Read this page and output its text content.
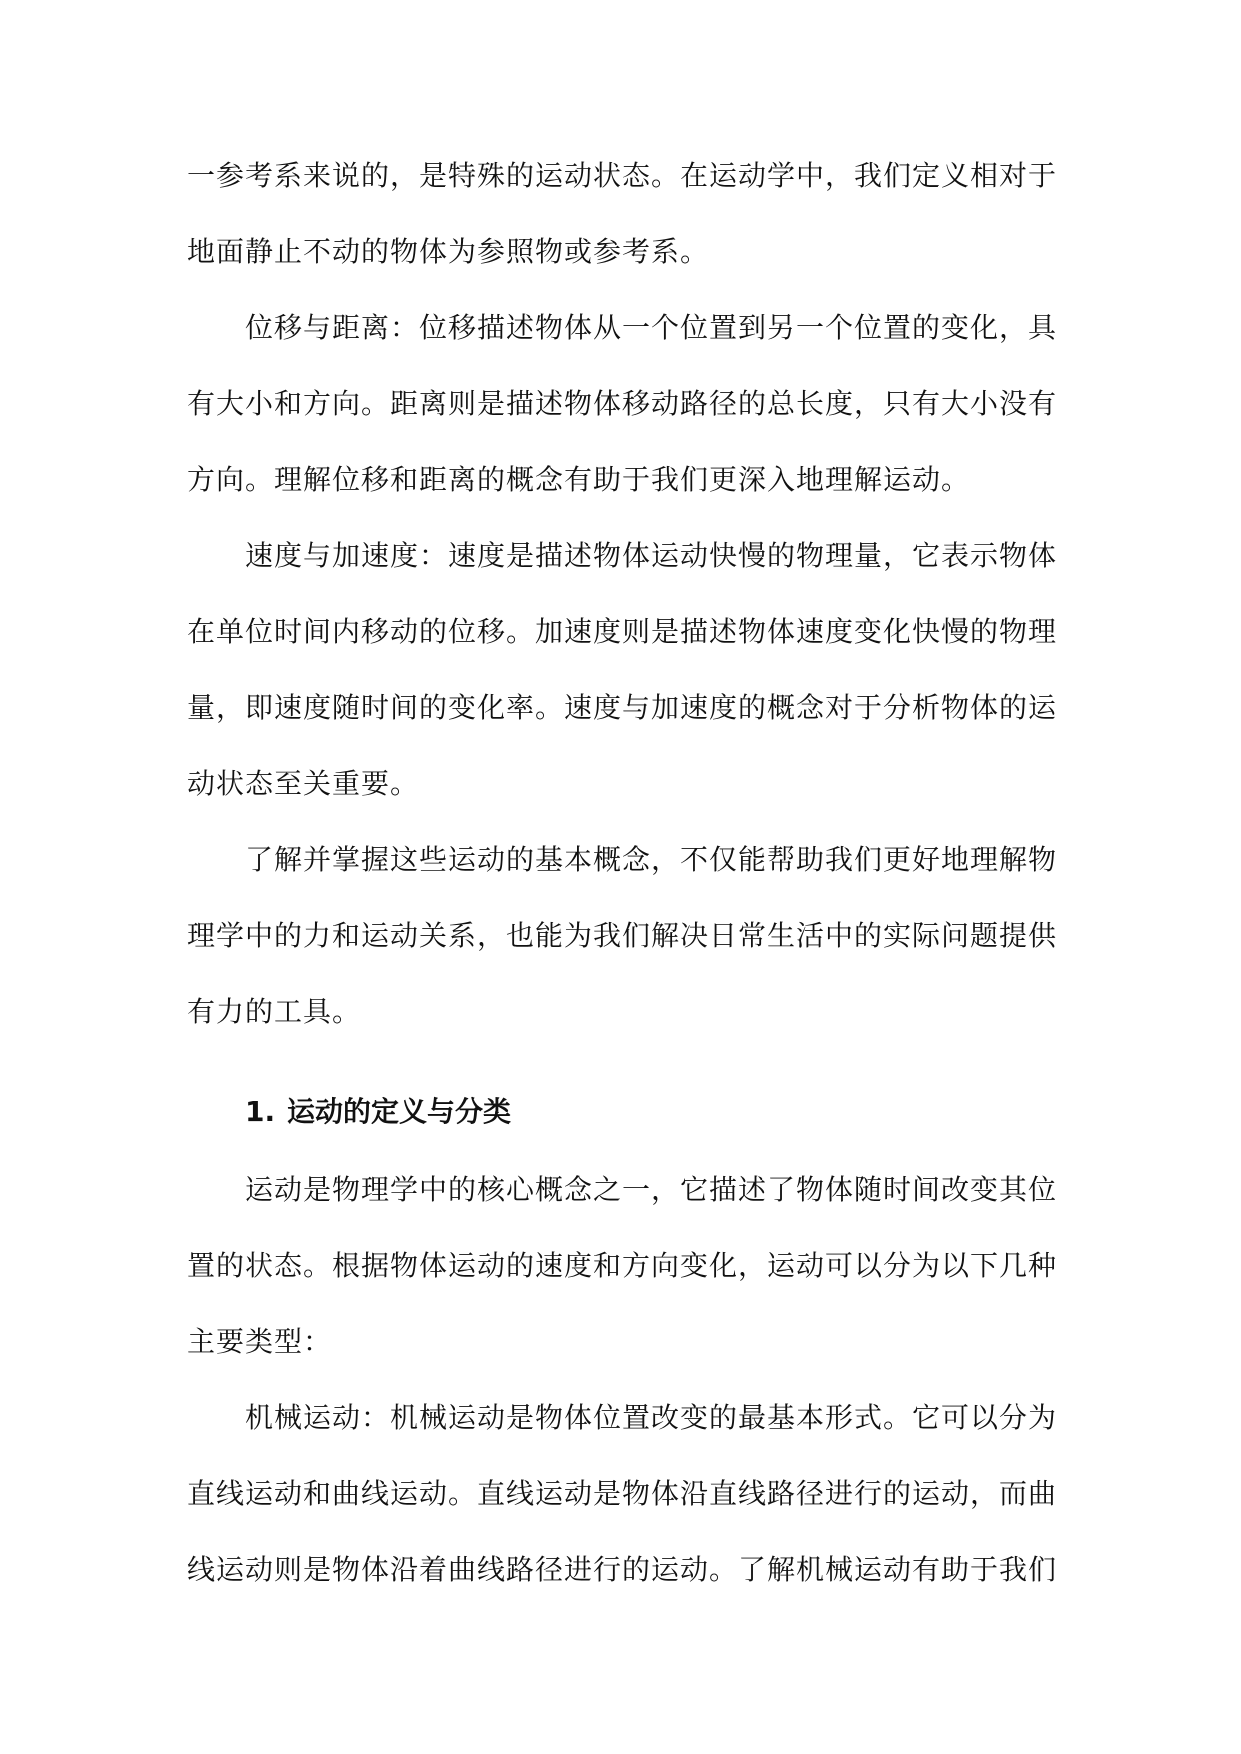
一参考系来说的，是特殊的运动状态。在运动学中，我们定义相对于地面静止不动的物体为参照物或参考系。

位移与距离：位移描述物体从一个位置到另一个位置的变化，具有大小和方向。距离则是描述物体移动路径的总长度，只有大小没有方向。理解位移和距离的概念有助于我们更深入地理解运动。

速度与加速度：速度是描述物体运动快慢的物理量，它表示物体在单位时间内移动的位移。加速度则是描述物体速度变化快慢的物理量，即速度随时间的变化率。速度与加速度的概念对于分析物体的运动状态至关重要。

了解并掌握这些运动的基本概念，不仅能帮助我们更好地理解物理学中的力和运动关系，也能为我们解决日常生活中的实际问题提供有力的工具。

1. 运动的定义与分类

运动是物理学中的核心概念之一，它描述了物体随时间改变其位置的状态。根据物体运动的速度和方向变化，运动可以分为以下几种主要类型：

机械运动：机械运动是物体位置改变的最基本形式。它可以分为直线运动和曲线运动。直线运动是物体沿直线路径进行的运动，而曲线运动则是物体沿着曲线路径进行的运动。了解机械运动有助于我们
